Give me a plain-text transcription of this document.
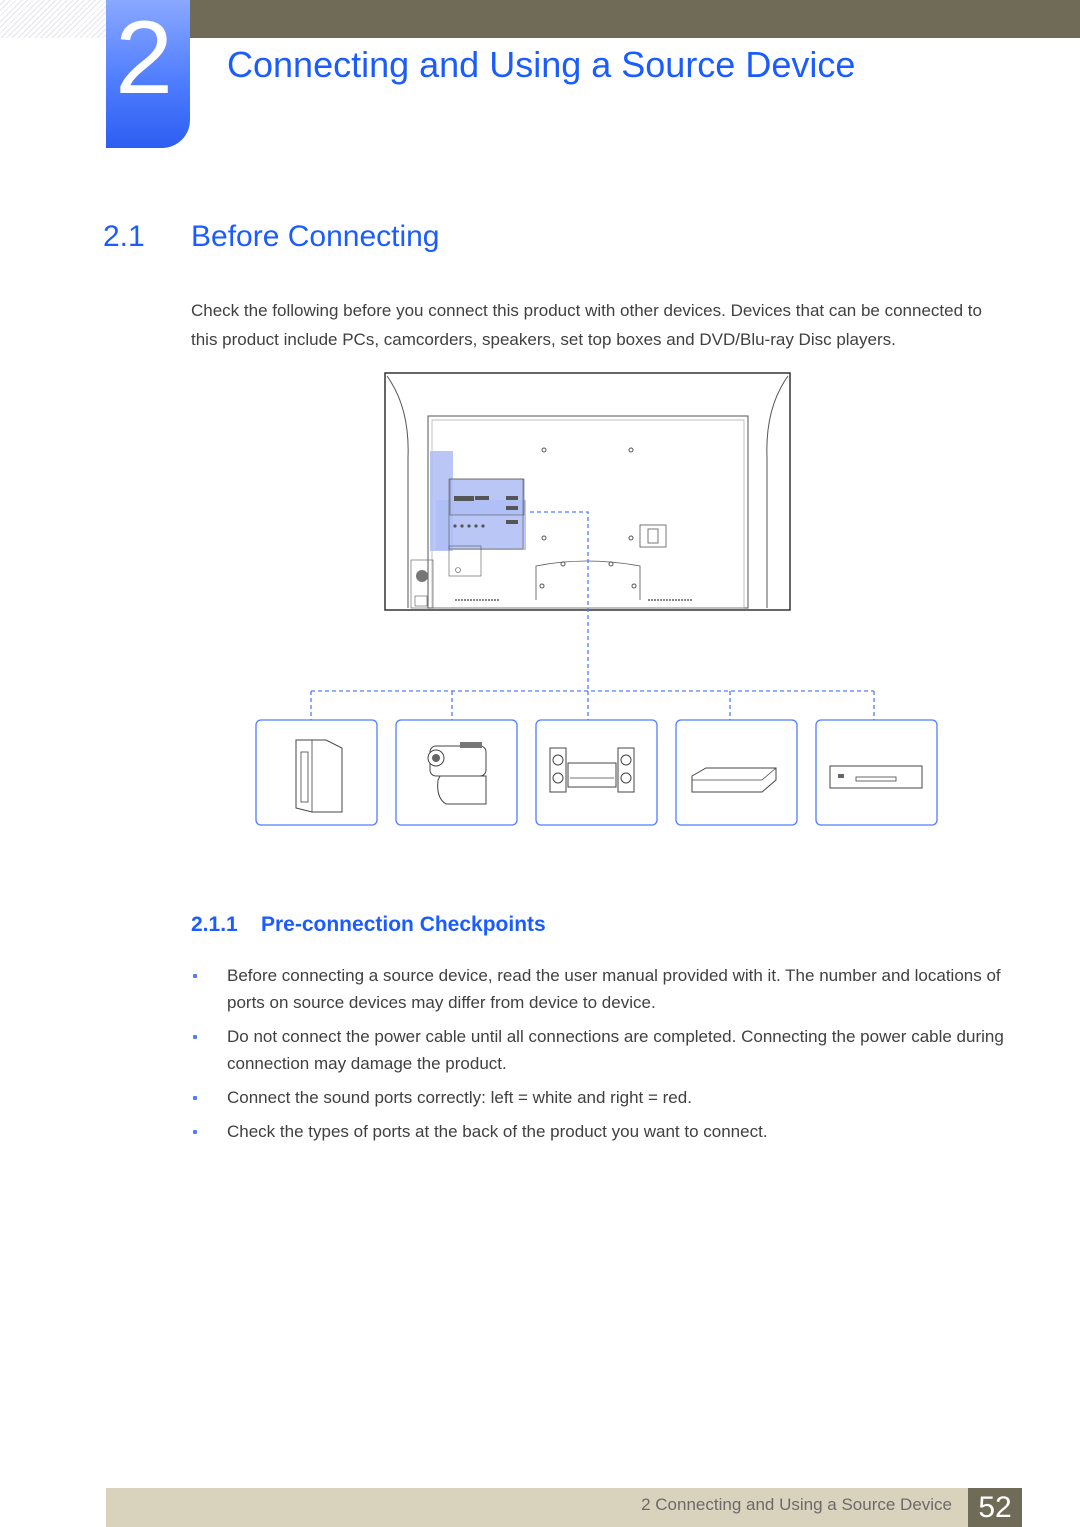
2 Connecting and Using a Source Device
2.1 Before Connecting
Check the following before you connect this product with other devices. Devices that can be connected to this product include PCs, camcorders, speakers, set top boxes and DVD/Blu-ray Disc players.
2.1.1 Pre-connection Checkpoints
Before connecting a source device, read the user manual provided with it. The number and locations of ports on source devices may differ from device to device.
Do not connect the power cable until all connections are completed. Connecting the power cable during connection may damage the product.
Connect the sound ports correctly: left = white and right = red.
Check the types of ports at the back of the product you want to connect.
2 Connecting and Using a Source Device 52
